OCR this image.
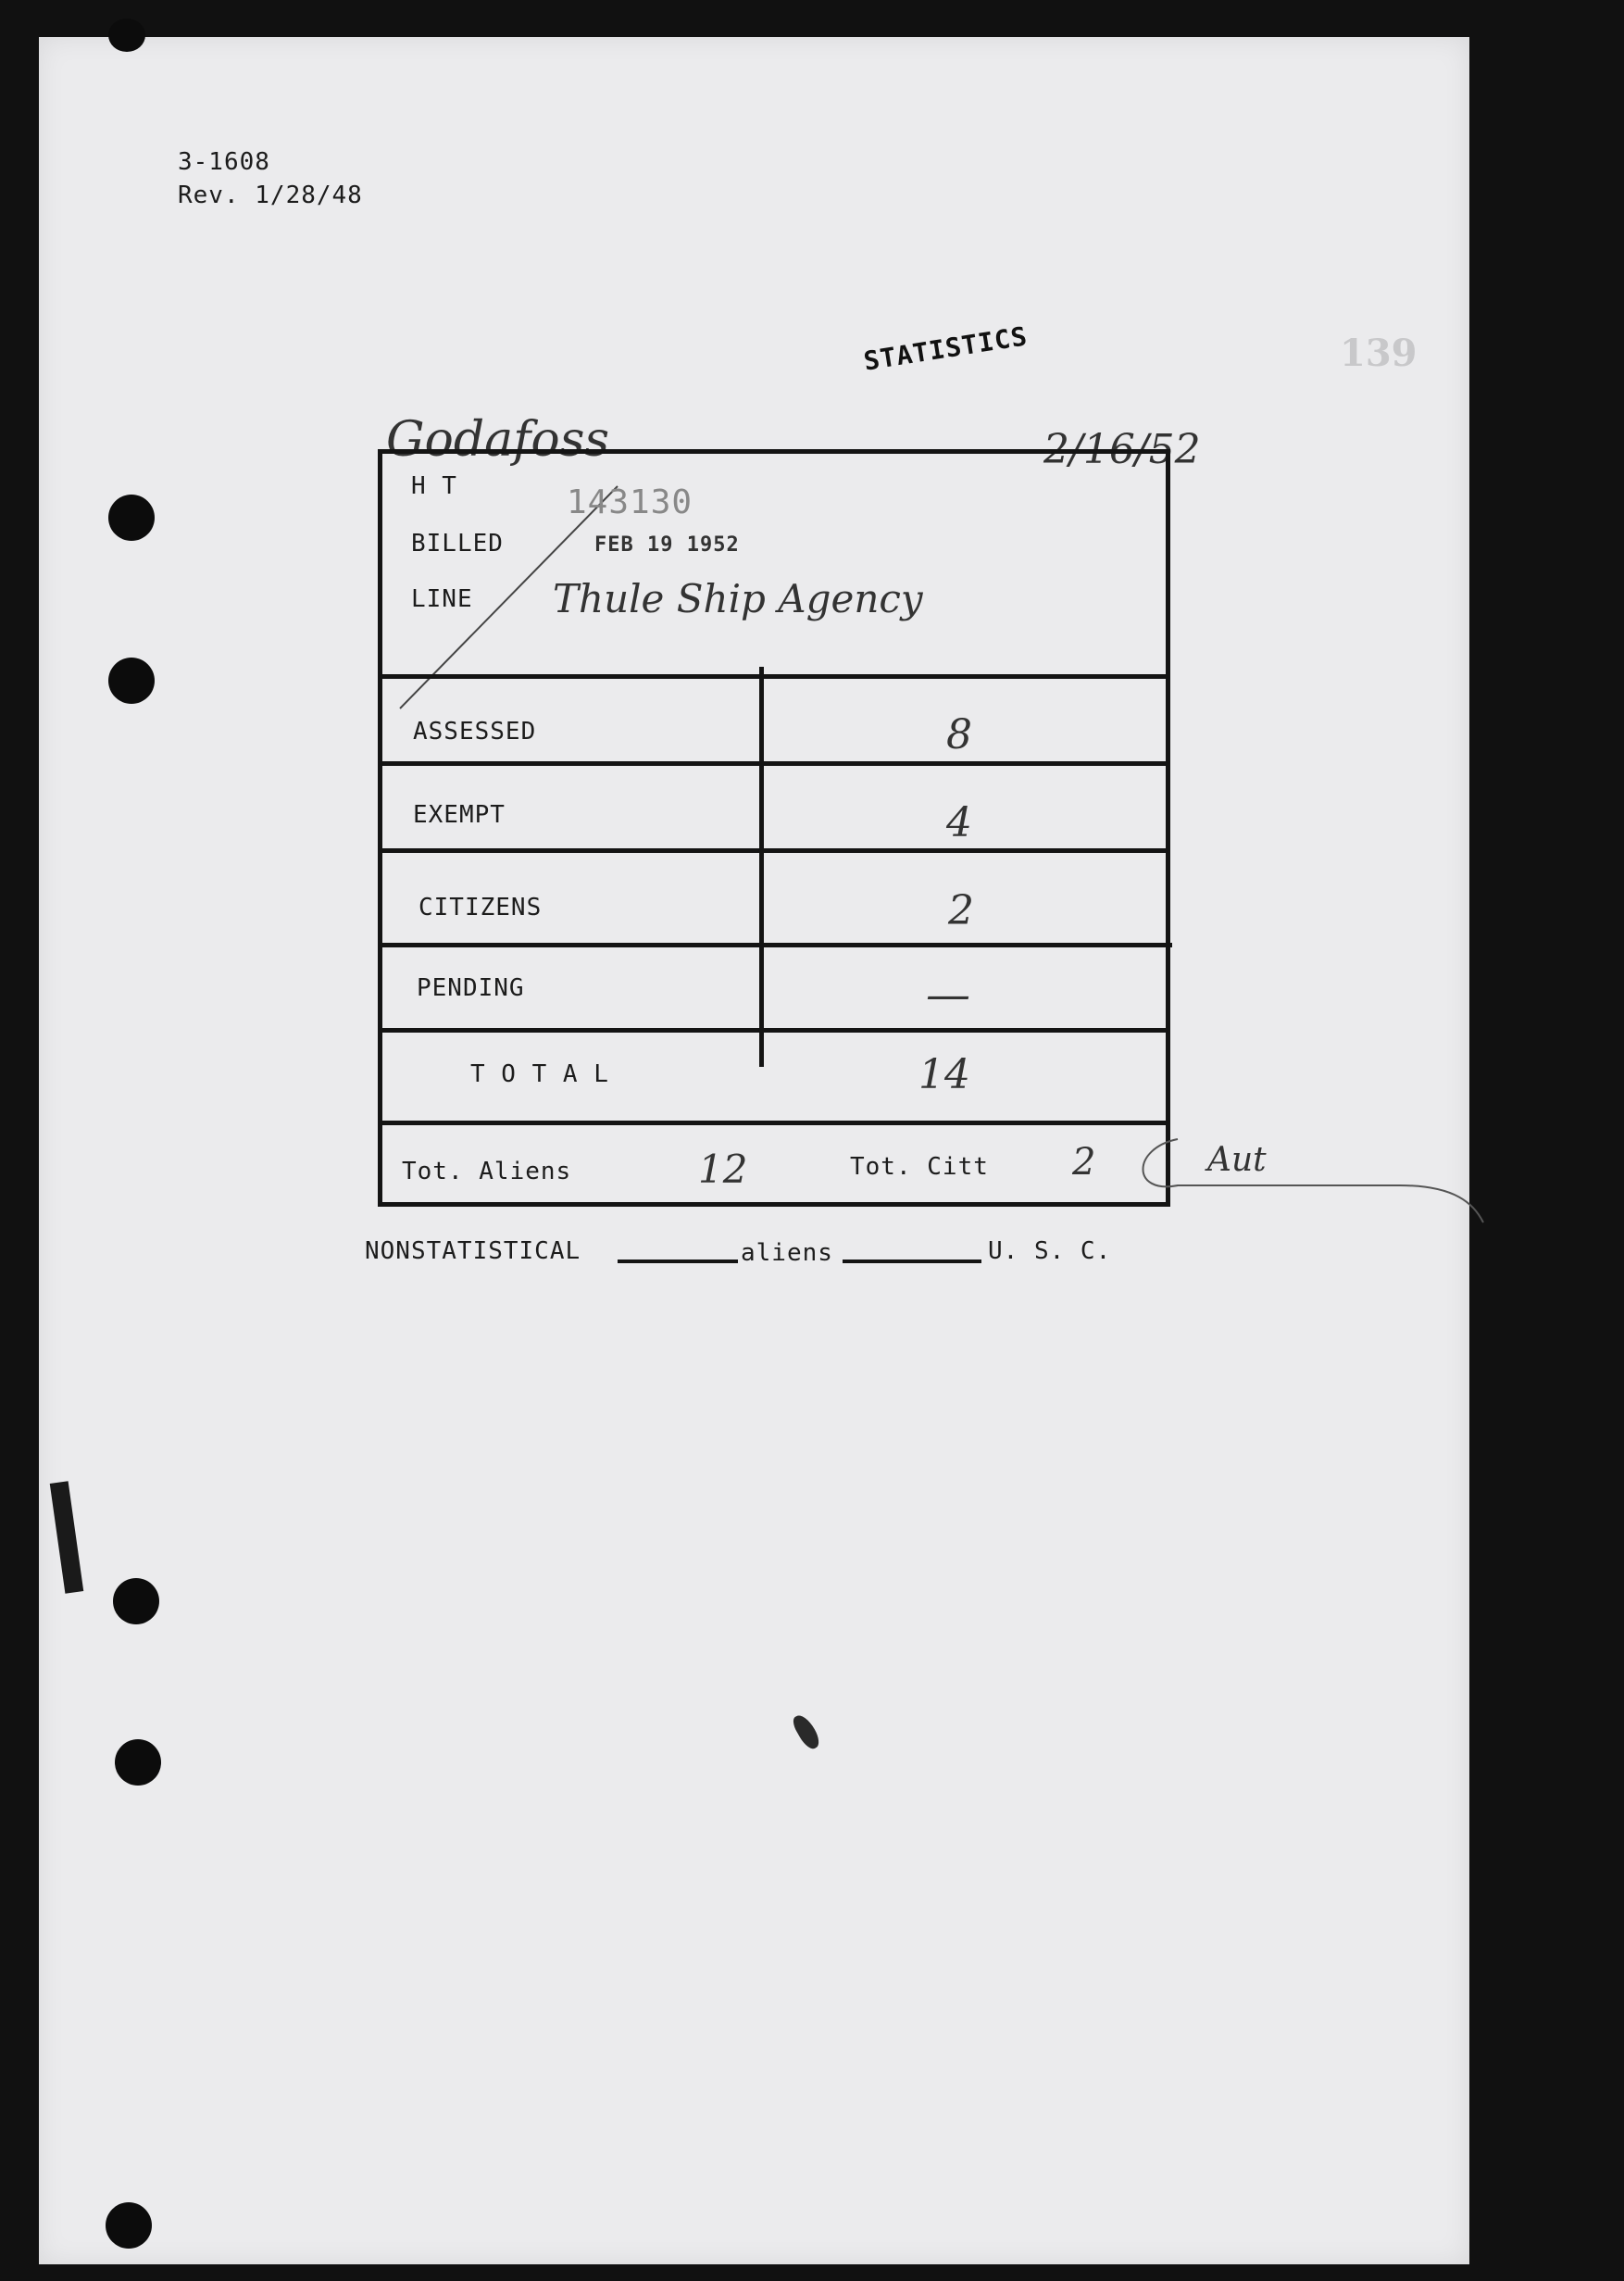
3-1608
Rev. 1/28/48
STATISTICS	139
Godafoss	2/16/52
H T	143130
BILLED	FEB 19 1952
LINE Thule Ship Agency
ASSESSED	8
EXEMPT	4
CITIZENS	2
PENDING	—
T O T A L	14
Tot. Aliens	12	Tot. Citt 2	Aut
NONSTATISTICAL	aliens	U. S. C.
